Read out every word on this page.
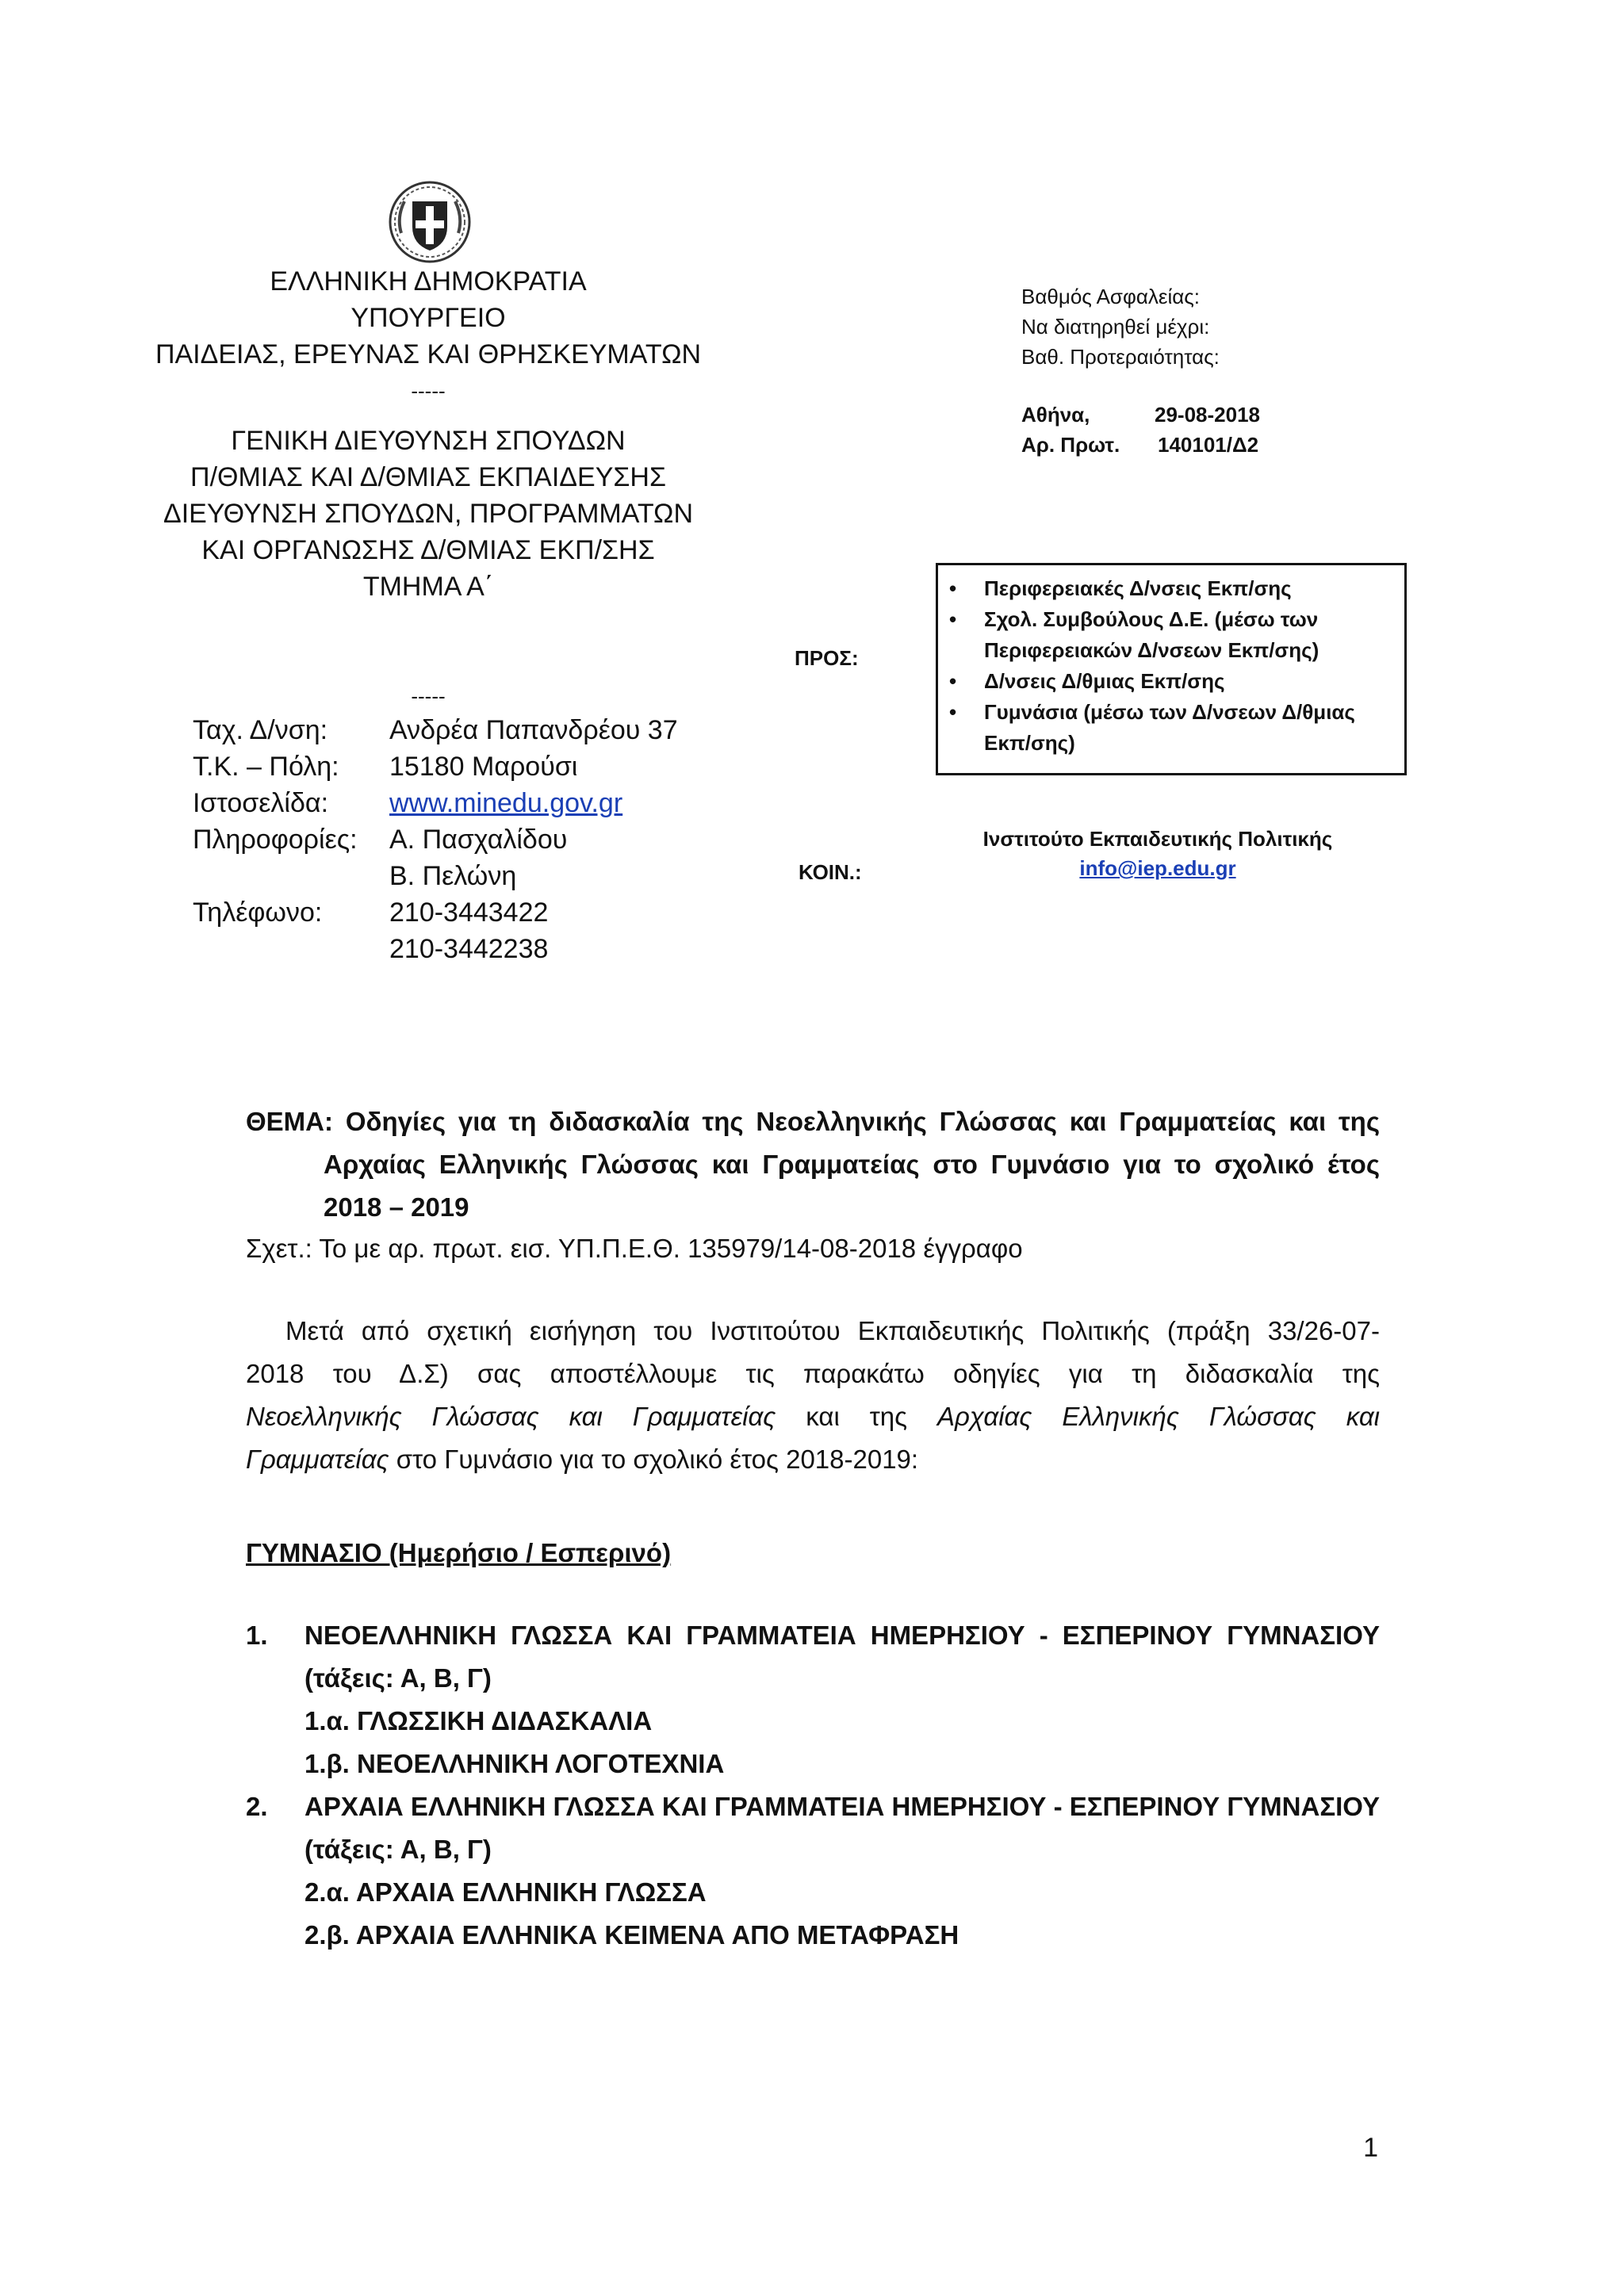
ΕΛΛΗΝΙΚΗ ΔΗΜΟΚΡΑΤΙΑ
ΥΠΟΥΡΓΕΙΟ
ΠΑΙΔΕΙΑΣ, ΕΡΕΥΝΑΣ ΚΑΙ ΘΡΗΣΚΕΥΜΑΤΩΝ
-----
ΓΕΝΙΚΗ ΔΙΕΥΘΥΝΣΗ ΣΠΟΥΔΩΝ
Π/ΘΜΙΑΣ ΚΑΙ Δ/ΘΜΙΑΣ ΕΚΠΑΙΔΕΥΣΗΣ
ΔΙΕΥΘΥΝΣΗ ΣΠΟΥΔΩΝ, ΠΡΟΓΡΑΜΜΑΤΩΝ
ΚΑΙ ΟΡΓΑΝΩΣΗΣ Δ/ΘΜΙΑΣ ΕΚΠ/ΣΗΣ
ΤΜΗΜΑ Α΄
-----
Ταχ. Δ/νση: Ανδρέα Παπανδρέου 37
Τ.Κ. – Πόλη: 15180 Μαρούσι
Ιστοσελίδα: www.minedu.gov.gr
Πληροφορίες: Α. Πασχαλίδου
Β. Πελώνη
Τηλέφωνο: 210-3443422
210-3442238
Βαθμός Ασφαλείας:
Να διατηρηθεί μέχρι:
Βαθ. Προτεραιότητας:
Αθήνα,	29-08-2018
Αρ. Πρωτ. 140101/Δ2
ΠΡΟΣ:
• Περιφερειακές Δ/νσεις Εκπ/σης
• Σχολ. Συμβούλους Δ.Ε. (μέσω των Περιφερειακών Δ/νσεων Εκπ/σης)
• Δ/νσεις Δ/θμιας Εκπ/σης
• Γυμνάσια (μέσω των Δ/νσεων Δ/θμιας Εκπ/σης)
ΚΟΙΝ.:
Ινστιτούτο Εκπαιδευτικής Πολιτικής
info@iep.edu.gr
ΘΕΜΑ: Οδηγίες για τη διδασκαλία της Νεοελληνικής Γλώσσας και Γραμματείας και της
Αρχαίας Ελληνικής Γλώσσας και Γραμματείας στο Γυμνάσιο για το σχολικό έτος
2018 – 2019
Σχετ.: Το με αρ. πρωτ. εισ. ΥΠ.Π.Ε.Θ. 135979/14-08-2018 έγγραφο
Μετά από σχετική εισήγηση του Ινστιτούτου Εκπαιδευτικής Πολιτικής (πράξη 33/26-07-
2018 του Δ.Σ) σας αποστέλλουμε τις παρακάτω οδηγίες για τη διδασκαλία της
Νεοελληνικής Γλώσσας και Γραμματείας και της Αρχαίας Ελληνικής Γλώσσας και
Γραμματείας στο Γυμνάσιο για το σχολικό έτος 2018-2019:
ΓΥΜΝΑΣΙΟ (Ημερήσιο / Εσπερινό)
1. ΝΕΟΕΛΛΗΝΙΚΗ ΓΛΩΣΣΑ ΚΑΙ ΓΡΑΜΜΑΤΕΙΑ ΗΜΕΡΗΣΙΟΥ - ΕΣΠΕΡΙΝΟΥ ΓΥΜΝΑΣΙΟΥ
(τάξεις: Α, Β, Γ)
1.α. ΓΛΩΣΣΙΚΗ ΔΙΔΑΣΚΑΛΙΑ
1.β. ΝΕΟΕΛΛΗΝΙΚΗ ΛΟΓΟΤΕΧΝΙΑ
2. ΑΡΧΑΙΑ ΕΛΛΗΝΙΚΗ ΓΛΩΣΣΑ ΚΑΙ ΓΡΑΜΜΑΤΕΙΑ ΗΜΕΡΗΣΙΟΥ - ΕΣΠΕΡΙΝΟΥ ΓΥΜΝΑΣΙΟΥ
(τάξεις: Α, Β, Γ)
2.α. ΑΡΧΑΙΑ ΕΛΛΗΝΙΚΗ ΓΛΩΣΣΑ
2.β. ΑΡΧΑΙΑ ΕΛΛΗΝΙΚΑ ΚΕΙΜΕΝΑ ΑΠΟ ΜΕΤΑΦΡΑΣΗ
1
